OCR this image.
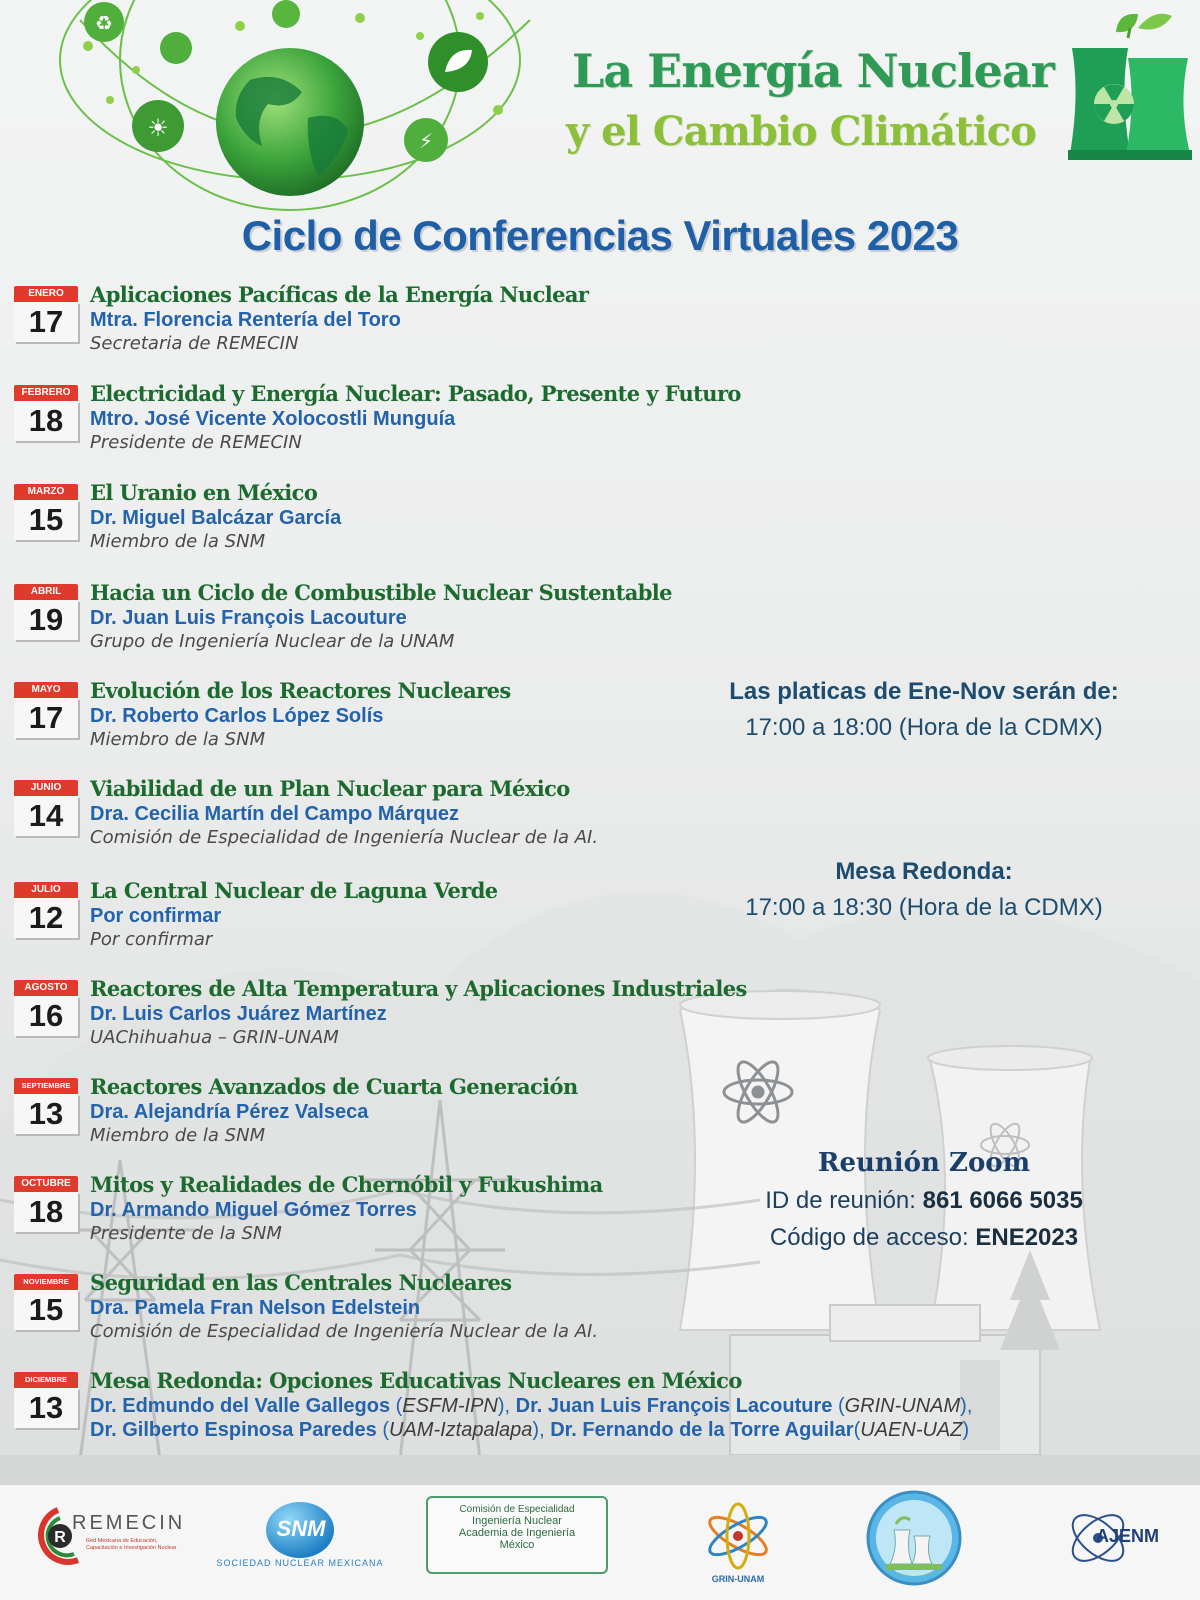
♻
☀	⚡
La Energía Nuclear
y el Cambio Climático
Ciclo de Conferencias Virtuales 2023
ENERO
17
Aplicaciones Pacíficas de la Energía Nuclear
Mtra. Florencia Rentería del Toro
Secretaria de REMECIN
FEBRERO
18
Electricidad y Energía Nuclear: Pasado, Presente y Futuro
Mtro. José Vicente Xolocostli Munguía
Presidente de REMECIN
MARZO
15
El Uranio en México
Dr. Miguel Balcázar García
Miembro de la SNM
ABRIL
19
Hacia un Ciclo de Combustible Nuclear Sustentable
Dr. Juan Luis François Lacouture
Grupo de Ingeniería Nuclear de la UNAM
MAYO
17
Evolución de los Reactores Nucleares
Dr. Roberto Carlos López Solís
Miembro de la SNM
JUNIO
14
Viabilidad de un Plan Nuclear para México
Dra. Cecilia Martín del Campo Márquez
Comisión de Especialidad de Ingeniería Nuclear de la AI.
JULIO
12
La Central Nuclear de Laguna Verde
Por confirmar
Por confirmar
AGOSTO
16
Reactores de Alta Temperatura y Aplicaciones Industriales
Dr. Luis Carlos Juárez Martínez
UAChihuahua – GRIN-UNAM
SEPTIEMBRE
13
Reactores Avanzados de Cuarta Generación
Dra. Alejandría Pérez Valseca
Miembro de la SNM
OCTUBRE
18
Mitos y Realidades de Chernóbil y Fukushima
Dr. Armando Miguel Gómez Torres
Presidente de la SNM
NOVIEMBRE
15
Seguridad en las Centrales Nucleares
Dra. Pamela Fran Nelson Edelstein
Comisión de Especialidad de Ingeniería Nuclear de la AI.
DICIEMBRE
13
Mesa Redonda: Opciones Educativas Nucleares en México
Dr. Edmundo del Valle Gallegos (ESFM-IPN), Dr. Juan Luis François Lacouture (GRIN-UNAM),
Dr. Gilberto Espinosa Paredes (UAM-Iztapalapa), Dr. Fernando de la Torre Aguilar(UAEN-UAZ)
Las platicas de Ene-Nov serán de:
17:00 a 18:00 (Hora de la CDMX)
Mesa Redonda:
17:00 a 18:30 (Hora de la CDMX)
Reunión Zoom
ID de reunión: 861 6066 5035
Código de acceso: ENE2023
R
REMECIN
Red Mexicana de Educación, Capacitación e Investigación Nuclear
SNM
SOCIEDAD NUCLEAR MEXICANA
Comisión de Especialidad
Ingeniería Nuclear
Academia de Ingeniería
México
GRIN-UNAM
AJENM
